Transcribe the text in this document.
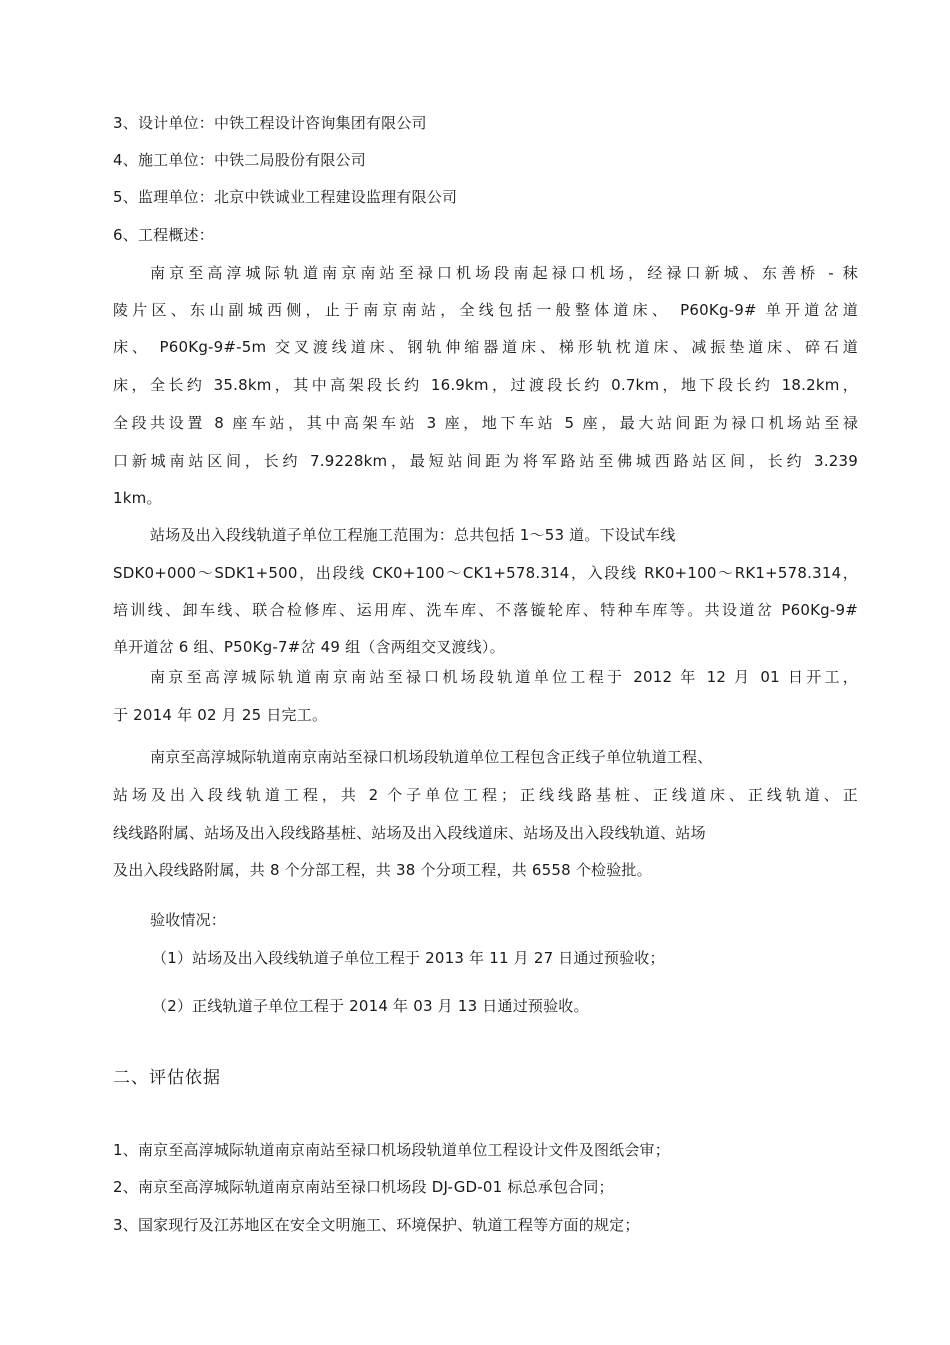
3、设计单位：中铁工程设计咨询集团有限公司
4、施工单位：中铁二局股份有限公司
5、监理单位：北京中铁诚业工程建设监理有限公司
6、工程概述：
南京至高淳城际轨道南京南站至禄口机场段南起禄口机场，经禄口新城、东善桥 - 秣
陵片区、东山副城西侧，止于南京南站，全线包括一般整体道床、 P60Kg-9# 单开道岔道
床、 P60Kg-9#-5m 交叉渡线道床、钢轨伸缩器道床、梯形轨枕道床、减振垫道床、碎石道
床，全长约 35.8km，其中高架段长约 16.9km，过渡段长约 0.7km，地下段长约 18.2km，
全段共设置 8 座车站，其中高架车站 3 座，地下车站 5 座，最大站间距为禄口机场站至禄
口新城南站区间，长约 7.9228km，最短站间距为将军路站至佛城西路站区间，长约 3.239
1km。
站场及出入段线轨道子单位工程施工范围为：总共包括 1～53 道。下设试车线
SDK0+000～SDK1+500，出段线 CK0+100～CK1+578.314，入段线 RK0+100～RK1+578.314，
培训线、卸车线、联合检修库、运用库、洗车库、不落镟轮库、特种车库等。共设道岔 P60Kg-9#
单开道岔 6 组、P50Kg-7#岔 49 组（含两组交叉渡线）。
南京至高淳城际轨道南京南站至禄口机场段轨道单位工程于 2012 年 12 月 01 日开工，
于 2014 年 02 月 25 日完工。
南京至高淳城际轨道南京南站至禄口机场段轨道单位工程包含正线子单位轨道工程、
站场及出入段线轨道工程，共 2 个子单位工程；正线线路基桩、正线道床、正线轨道、正
线线路附属、站场及出入段线路基桩、站场及出入段线道床、站场及出入段线轨道、站场
及出入段线路附属，共 8 个分部工程，共 38 个分项工程，共 6558 个检验批。
验收情况：
（1）站场及出入段线轨道子单位工程于 2013 年 11 月 27 日通过预验收；
（2）正线轨道子单位工程于 2014 年 03 月 13 日通过预验收。
二、评估依据
1、南京至高淳城际轨道南京南站至禄口机场段轨道单位工程设计文件及图纸会审；
2、南京至高淳城际轨道南京南站至禄口机场段 DJ-GD-01 标总承包合同；
3、国家现行及江苏地区在安全文明施工、环境保护、轨道工程等方面的规定；
